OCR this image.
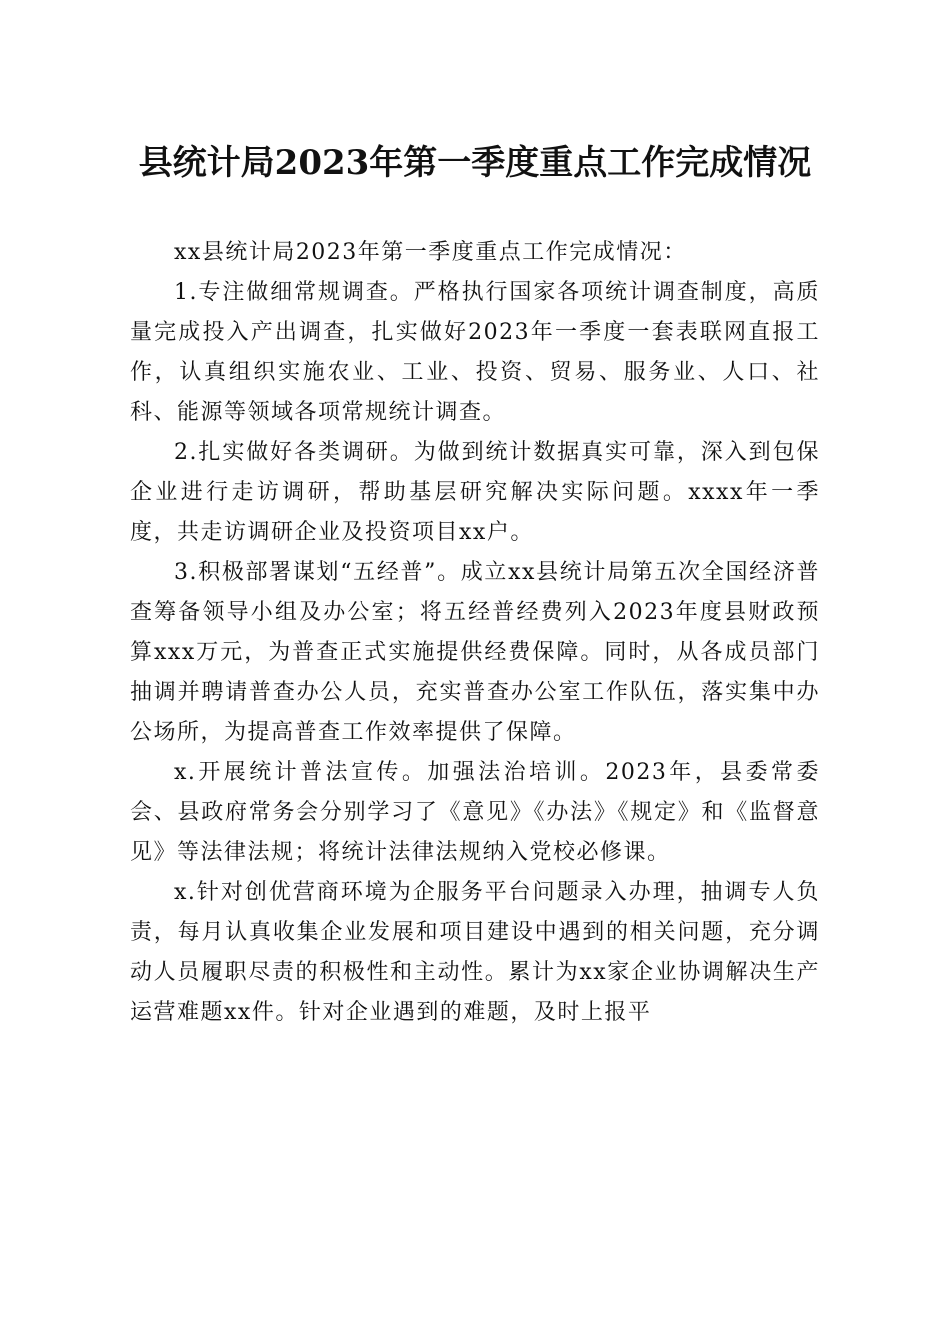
县统计局2023年第一季度重点工作完成情况

xx县统计局2023年第一季度重点工作完成情况：

1.专注做细常规调查。严格执行国家各项统计调查制度，高质量完成投入产出调查，扎实做好2023年一季度一套表联网直报工作，认真组织实施农业、工业、投资、贸易、服务业、人口、社科、能源等领域各项常规统计调查。

2.扎实做好各类调研。为做到统计数据真实可靠，深入到包保企业进行走访调研，帮助基层研究解决实际问题。xxxx年一季度，共走访调研企业及投资项目xx户。

3.积极部署谋划“五经普”。成立xx县统计局第五次全国经济普查筹备领导小组及办公室；将五经普经费列入2023年度县财政预算xxx万元，为普查正式实施提供经费保障。同时，从各成员部门抽调并聘请普查办公人员，充实普查办公室工作队伍，落实集中办公场所，为提高普查工作效率提供了保障。

x.开展统计普法宣传。加强法治培训。2023年，县委常委会、县政府常务会分别学习了《意见》《办法》《规定》和《监督意见》等法律法规；将统计法律法规纳入党校必修课。

x.针对创优营商环境为企服务平台问题录入办理，抽调专人负责，每月认真收集企业发展和项目建设中遇到的相关问题，充分调动人员履职尽责的积极性和主动性。累计为xx家企业协调解决生产运营难题xx件。针对企业遇到的难题，及时上报平
